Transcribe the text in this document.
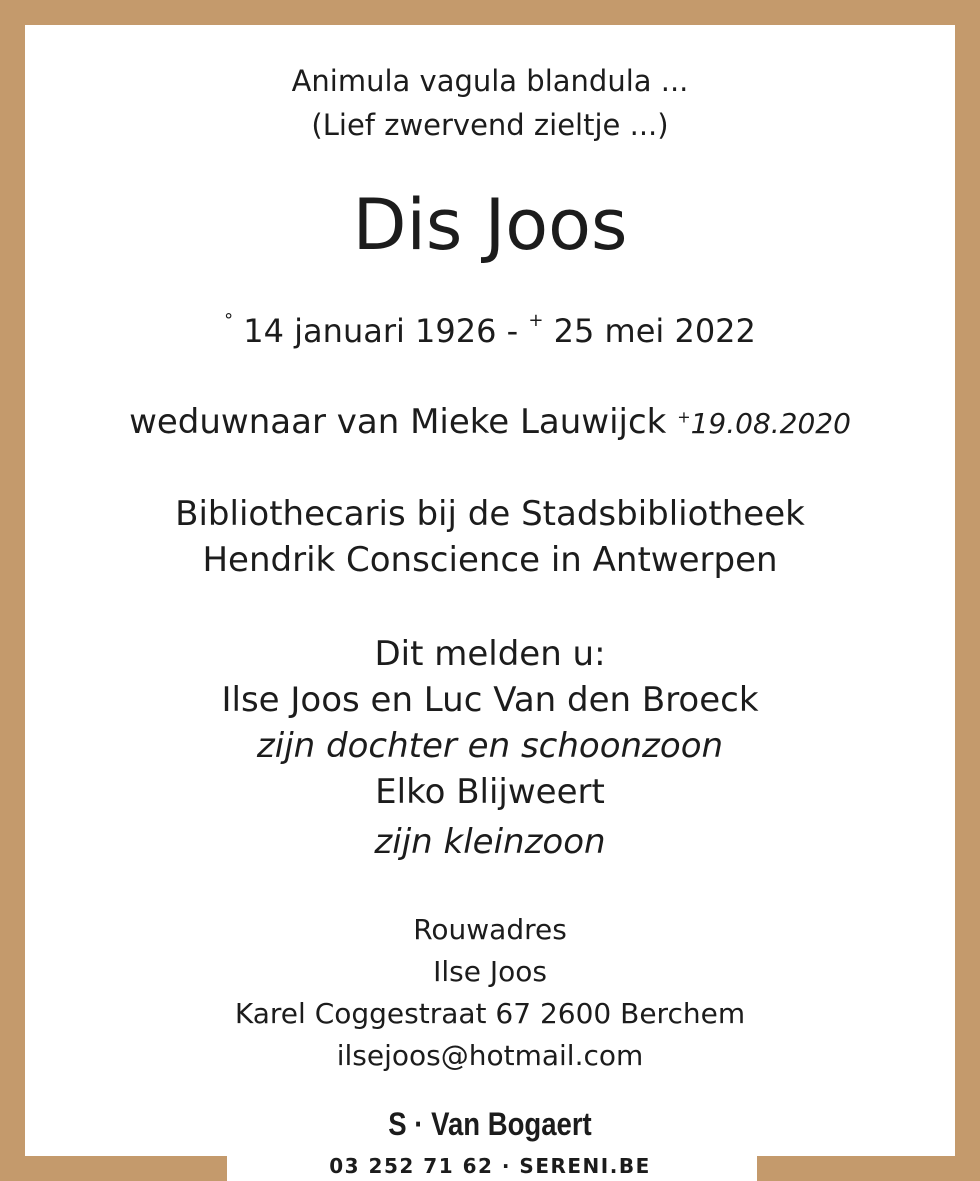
Animula vagula blandula ...
(Lief zwervend zieltje ...)
Dis Joos
° 14 januari 1926 - + 25 mei 2022
weduwnaar van Mieke Lauwijck +19.08.2020
Bibliothecaris bij de Stadsbibliotheek
Hendrik Conscience in Antwerpen
Dit melden u:
Ilse Joos en Luc Van den Broeck
zijn dochter en schoonzoon
Elko Blijweert
zijn kleinzoon
Rouwadres
Ilse Joos
Karel Coggestraat 67 2600 Berchem
ilsejoos@hotmail.com
S · Van Bogaert
03 252 71 62 · SERENI.BE
